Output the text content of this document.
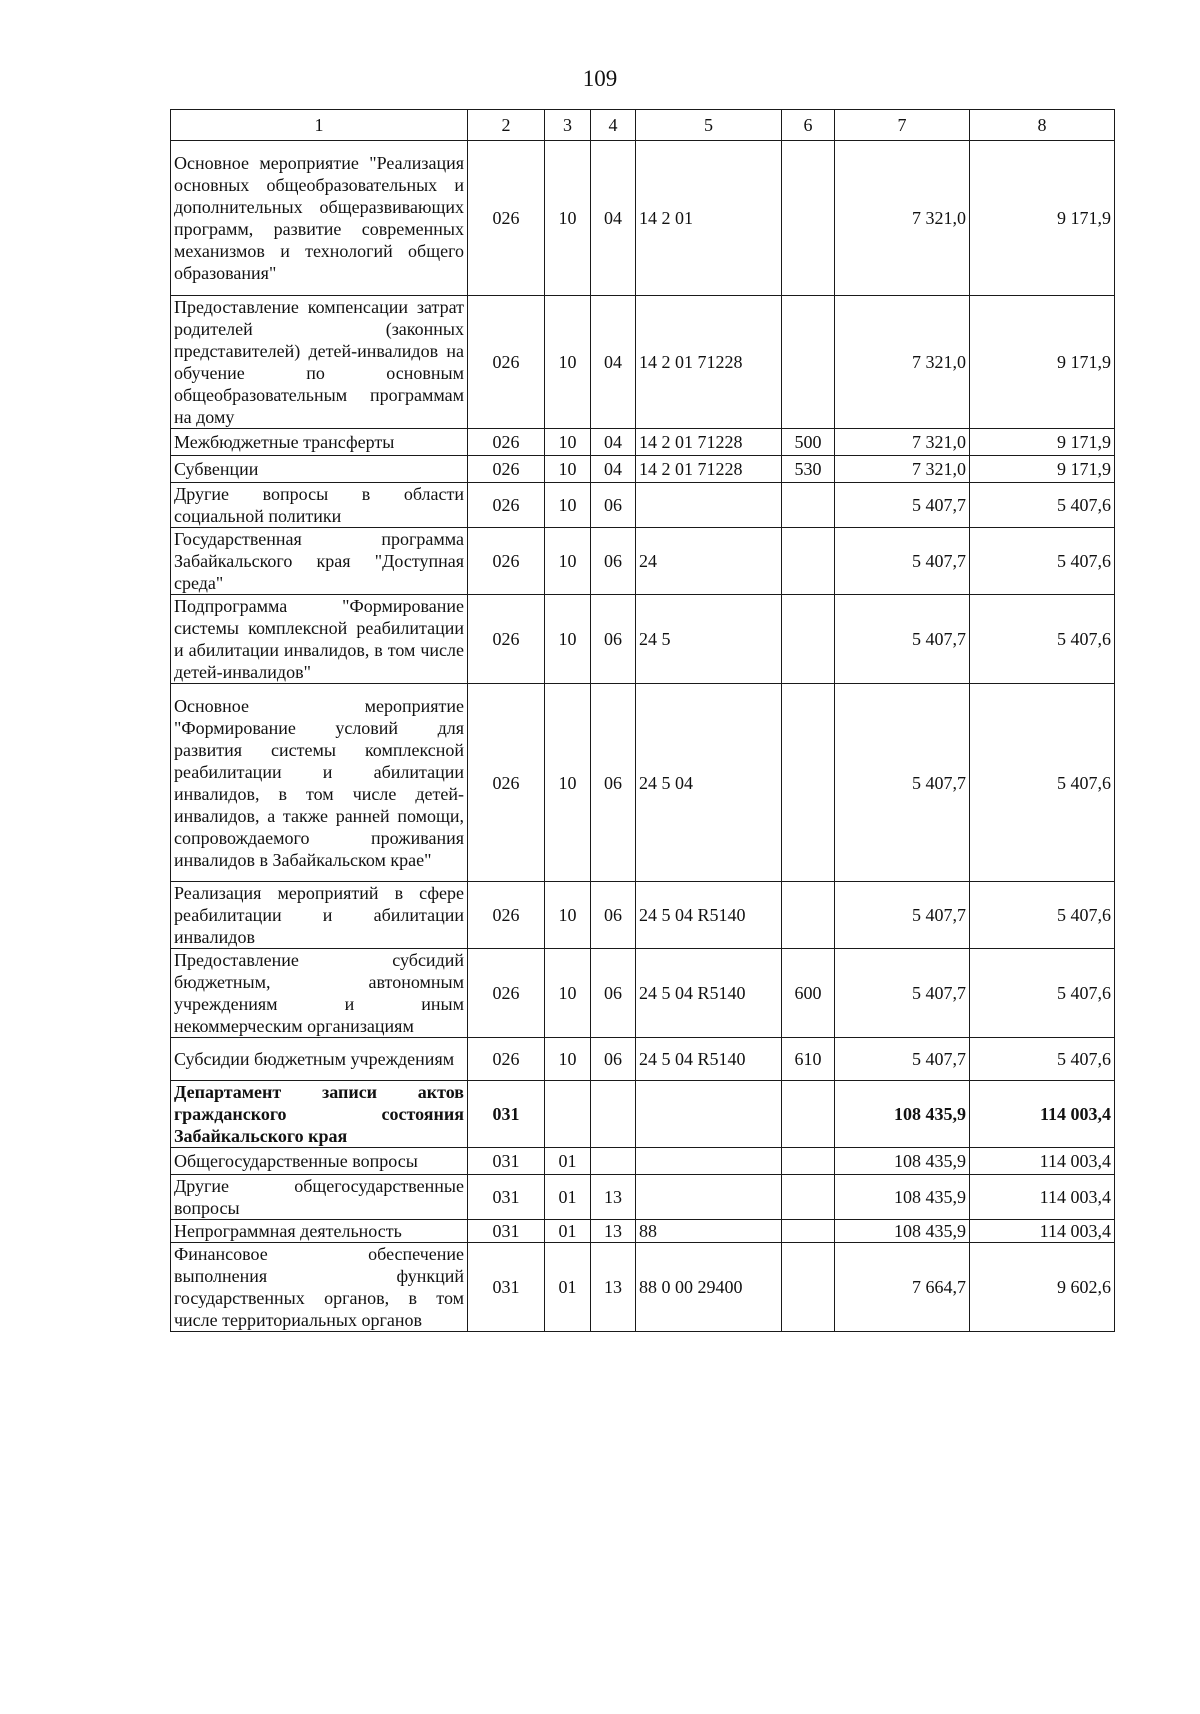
109
1	2	3	4	5	6	7	8
Основное мероприятие "Реализация основных общеобразовательных и дополнительных общеразвивающих программ, развитие современных механизмов и технологий общего образования"	026	10	04	14 2 01		7 321,0	9 171,9
Предоставление компенсации затрат родителей (законных представителей) детей-инвалидов на обучение по основным общеобразовательным программам на дому	026	10	04	14 2 01 71228		7 321,0	9 171,9
Межбюджетные трансферты	026	10	04	14 2 01 71228	500	7 321,0	9 171,9
Субвенции	026	10	04	14 2 01 71228	530	7 321,0	9 171,9
Другие вопросы в области социальной политики	026	10	06			5 407,7	5 407,6
Государственная программа Забайкальского края "Доступная среда"	026	10	06	24		5 407,7	5 407,6
Подпрограмма "Формирование системы комплексной реабилитации и абилитации инвалидов, в том числе детей-инвалидов"	026	10	06	24 5		5 407,7	5 407,6
Основное мероприятие "Формирование условий для развития системы комплексной реабилитации и абилитации инвалидов, в том числе детей-инвалидов, а также ранней помощи, сопровождаемого проживания инвалидов в Забайкальском крае"	026	10	06	24 5 04		5 407,7	5 407,6
Реализация мероприятий в сфере реабилитации и абилитации инвалидов	026	10	06	24 5 04 R5140		5 407,7	5 407,6
Предоставление субсидий бюджетным, автономным учреждениям и иным некоммерческим организациям	026	10	06	24 5 04 R5140	600	5 407,7	5 407,6
Субсидии бюджетным учреждениям	026	10	06	24 5 04 R5140	610	5 407,7	5 407,6
Департамент записи актов гражданского состояния Забайкальского края	031					108 435,9	114 003,4
Общегосударственные вопросы	031	01				108 435,9	114 003,4
Другие общегосударственные вопросы	031	01	13			108 435,9	114 003,4
Непрограммная деятельность	031	01	13	88		108 435,9	114 003,4
Финансовое обеспечение выполнения функций государственных органов, в том числе территориальных органов	031	01	13	88 0 00 29400		7 664,7	9 602,6
